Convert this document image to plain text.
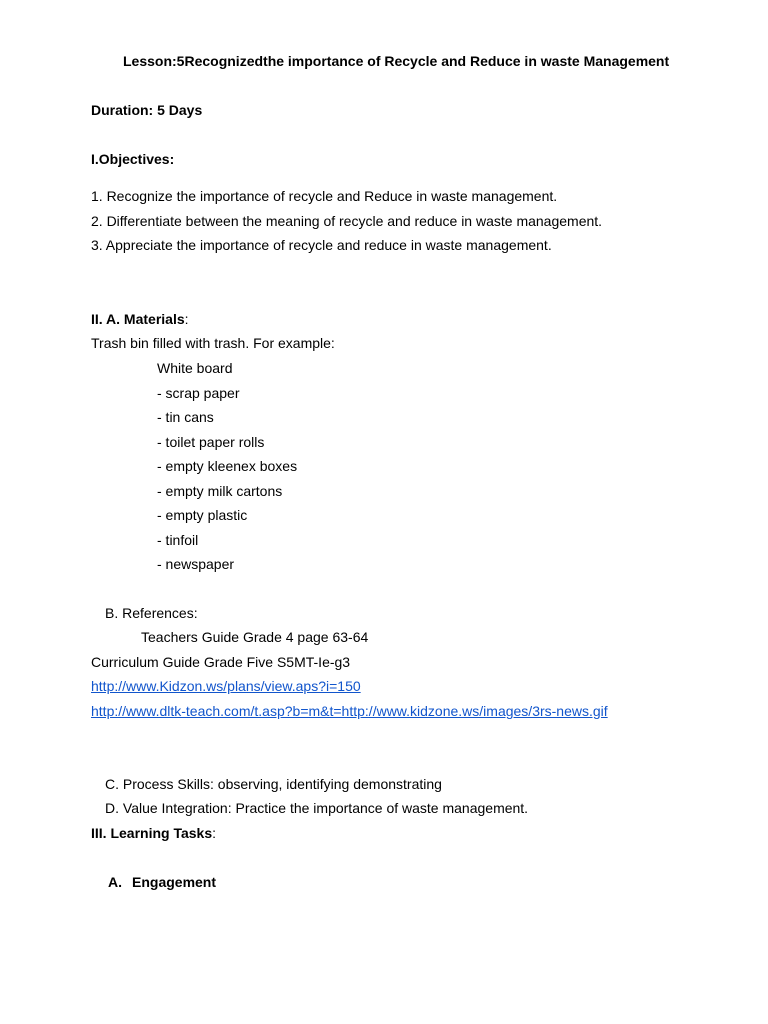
Lesson:5Recognizedthe importance of Recycle and Reduce in waste Management
Duration: 5 Days
I.Objectives:
1. Recognize the importance of recycle and Reduce in waste management.
2. Differentiate between the meaning of recycle and reduce in waste management.
3. Appreciate the importance of recycle and reduce in waste management.
II. A. Materials:
Trash bin filled with trash. For example:
White board
- scrap paper
- tin cans
- toilet paper rolls
- empty kleenex boxes
- empty milk cartons
- empty plastic
- tinfoil
- newspaper
B. References:
Teachers Guide Grade 4 page 63-64
Curriculum Guide Grade Five S5MT-Ie-g3
http://www.Kidzon.ws/plans/view.aps?i=150
http://www.dltk-teach.com/t.asp?b=m&t=http://www.kidzone.ws/images/3rs-news.gif
C. Process Skills: observing, identifying demonstrating
D. Value Integration: Practice the importance of waste management.
III. Learning Tasks:
A. Engagement
